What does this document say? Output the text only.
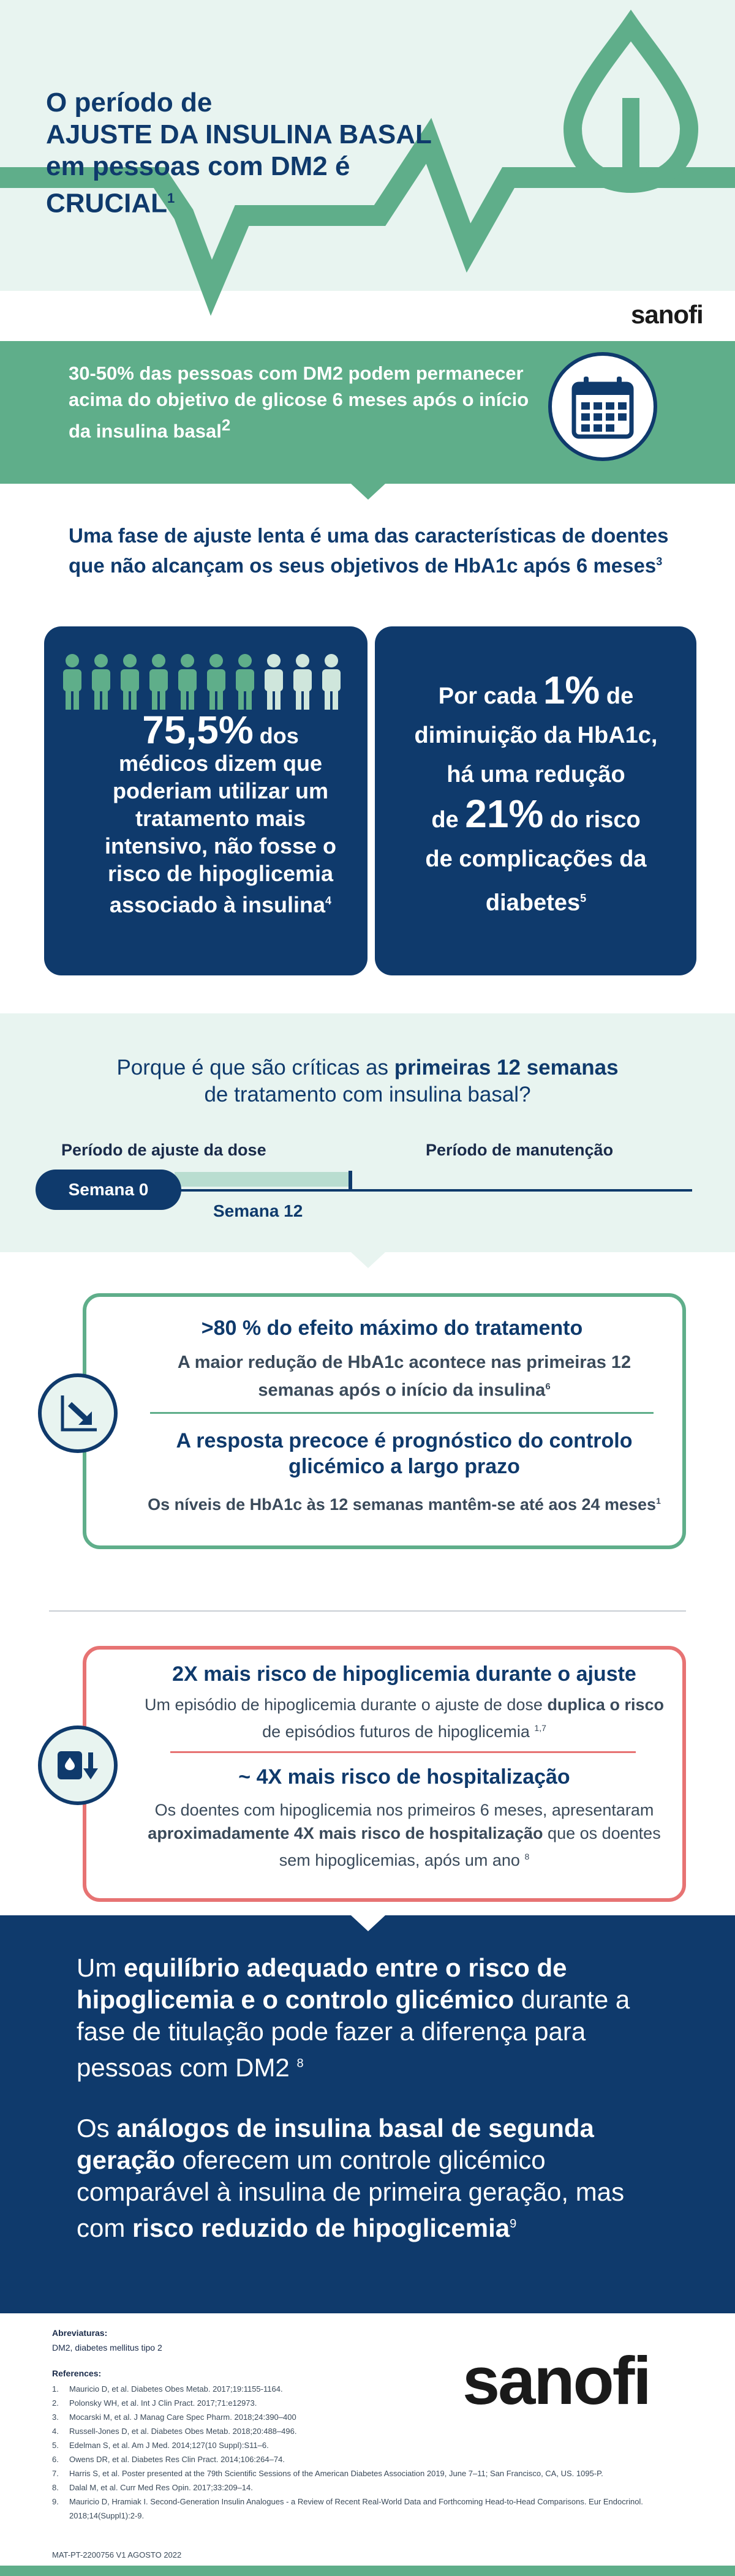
O período de
AJUSTE DA INSULINA BASAL
em pessoas com DM2 é
CRUCIAL$^1$
sanofi
30-50% das pessoas com DM2 podem permanecer acima do objetivo de glicose 6 meses após o início da insulina basal$^2$
Uma fase de ajuste lenta é uma das características de doentes que não alcançam os seus objetivos de HbA1c após 6 meses$^3$
75,5% dos
médicos dizem que poderiam utilizar um tratamento mais intensivo, não fosse o risco de hipoglicemia associado à insulina$^4$
Por cada 1% de
diminuição da HbA1c,
há uma redução
de 21% do risco
de complicações da
diabetes$^5$
Porque é que são críticas as primeiras 12 semanas
de tratamento com insulina basal?
Período de ajuste da dose	Período de manutenção
Semana 0
Semana 12
>80 % do efeito máximo do tratamento
A maior redução de HbA1c acontece nas primeiras 12 semanas após o início da insulina$^6$
A resposta precoce é prognóstico do controlo glicémico a largo prazo
Os níveis de HbA1c às 12 semanas mantêm-se até aos 24 meses$^1$
2X mais risco de hipoglicemia durante o ajuste
Um episódio de hipoglicemia durante o ajuste de dose duplica o risco de episódios futuros de hipoglicemia $^{1,7}$
~ 4X mais risco de hospitalização
Os doentes com hipoglicemia nos primeiros 6 meses, apresentaram aproximadamente 4X mais risco de hospitalização que os doentes sem hipoglicemias, após um ano $^8$
Um equilíbrio adequado entre o risco de hipoglicemia e o controlo glicémico durante a fase de titulação pode fazer a diferença para pessoas com DM2 $^8$
Os análogos de insulina basal de segunda geração oferecem um controle glicémico comparável à insulina de primeira geração, mas com risco reduzido de hipoglicemia$^9$
Abreviaturas:
DM2, diabetes mellitus tipo 2
References:
1.	Mauricio D, et al. Diabetes Obes Metab. 2017;19:1155-1164.
2.	Polonsky WH, et al. Int J Clin Pract. 2017;71:e12973.
3.	Mocarski M, et al. J Manag Care Spec Pharm. 2018;24:390–400
4.	Russell-Jones D, et al. Diabetes Obes Metab. 2018;20:488–496.
5.	Edelman S, et al. Am J Med. 2014;127(10 Suppl):S11–6.
6.	Owens DR, et al. Diabetes Res Clin Pract. 2014;106:264–74.
7.	Harris S, et al. Poster presented at the 79th Scientific Sessions of the American Diabetes Association 2019, June 7–11; San Francisco, CA, US. 1095-P.
8.	Dalal M, et al. Curr Med Res Opin. 2017;33:209–14.
9.	Mauricio D, Hramiak I. Second-Generation Insulin Analogues - a Review of Recent Real-World Data and Forthcoming Head-to-Head Comparisons. Eur Endocrinol. 2018;14(Suppl1):2-9.
MAT-PT-2200756 V1 AGOSTO 2022
sanofi
